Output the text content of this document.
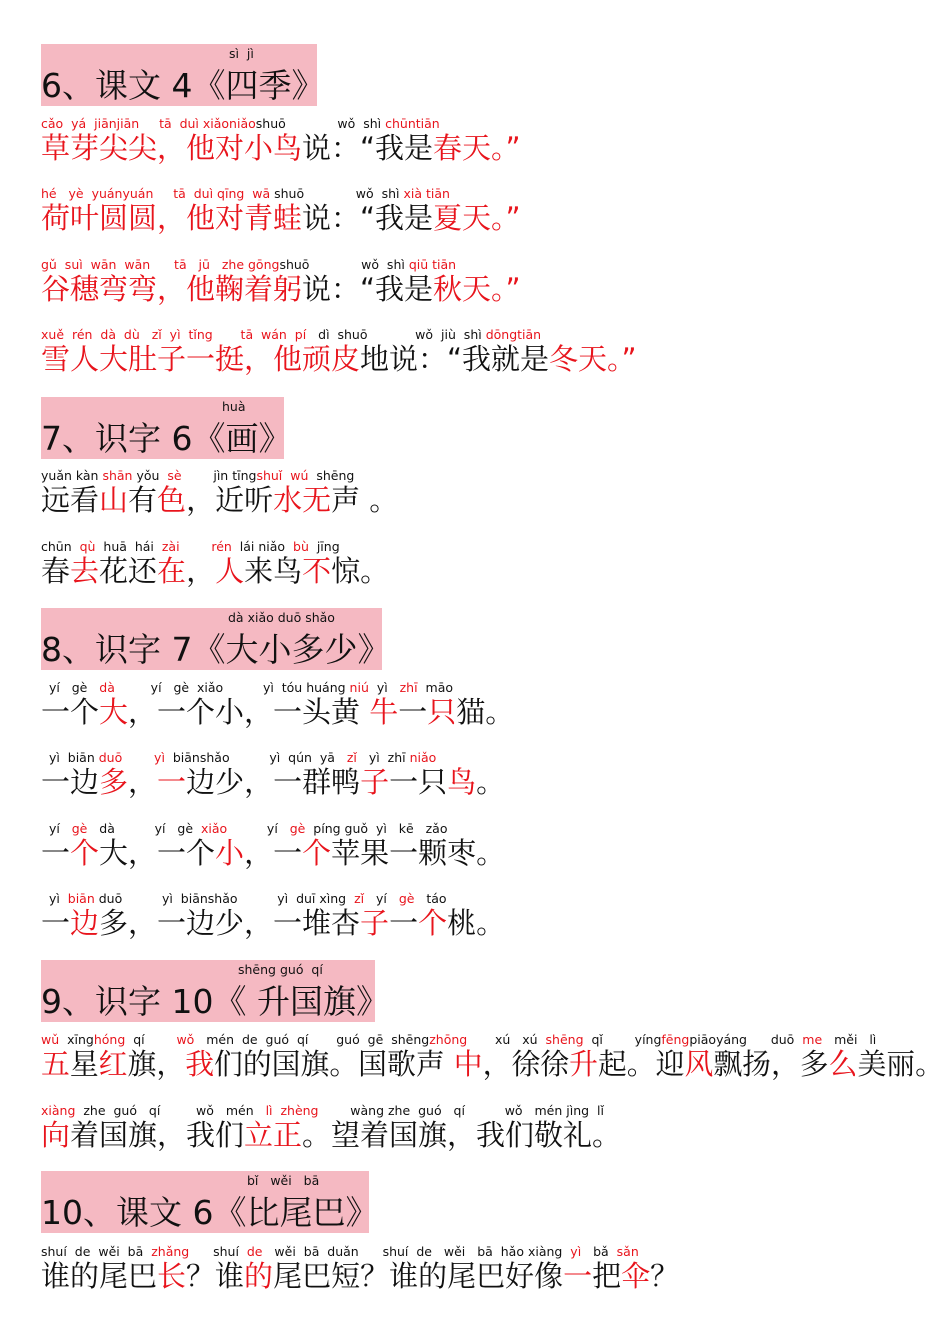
sì  jì
6、课文 4《四季》
cǎo  yá  jiānjiān tā  duì xiǎoniǎoshuō             wǒ  shì chūntiān
草芽尖尖，他对小鸟说：“我是春天。”
hé   yè  yuányuán     tā  duì qīng  wā shuō             wǒ  shì xià tiān
荷叶圆圆，他对青蛙说：“我是夏天。”
gǔ  suì  wān  wān      tā   jū   zhe gōngshuō             wǒ  shì qiū tiān
谷穗弯弯，他鞠着躬说：“我是秋天。”
xuě  rén  dà  dù   zǐ  yì  tǐng       tā  wán  pí   dì  shuō            wǒ  jiù  shì dōngtiān
雪人大肚子一挺，他顽皮地说：“我就是冬天。”
huà
7、识字 6《画》
yuǎn kàn shān yǒu  sè        jìn tīngshuǐ  wú  shēng
远看山有色，近听水无声 。
chūn  qù  huā  hái  zài	rén  lái niǎo  bù  jīng
春去花还在，人来鸟不惊。
dà xiǎo duō shǎo
8、识字 7《大小多少》
yí   gè   dà         yí   gè  xiǎo          yì  tóu huáng niú  yì   zhī  māo
一个大，一个小，一头黄 牛一只猫。
yì  biān duō	yì  biānshǎo          yì  qún  yā   zǐ   yì  zhī niǎo
一边多，一边少，一群鸭子一只鸟。
yí   gè   dà          yí   gè  xiǎo          yí   gè  píng guǒ  yì   kē   zǎo
一个大，一个小，一个苹果一颗枣。
yì  biān duō          yì  biānshǎo          yì  duī xìng  zǐ   yí   gè   táo
一边多，一边少，一堆杏子一个桃。
shēng guó  qí
9、识字 10《 升国旗》
wǔ  xīnghóng  qí        wǒ   mén  de  guó  qí       guó  gē  shēngzhōng       xú   xú  shēng  qǐ        yíngfēngpiāoyáng      duō  me   měi   lì
五星红旗，我们的国旗。国歌声 中，徐徐升起。迎风飘扬，多么美丽。
xiàng  zhe  guó   qí         wǒ   mén   lì  zhèng        wàng zhe  guó   qí          wǒ   mén jìng  lǐ
向着国旗，我们立正。望着国旗，我们敬礼。
bǐ   wěi   bā
10、课文 6《比尾巴》
shuí  de  wěi  bā  zhǎng      shuí  de   wěi  bā  duǎn      shuí  de   wěi   bā  hǎo xiàng  yì   bǎ  sǎn
谁的尾巴长？谁的尾巴短？谁的尾巴好像一把伞？
